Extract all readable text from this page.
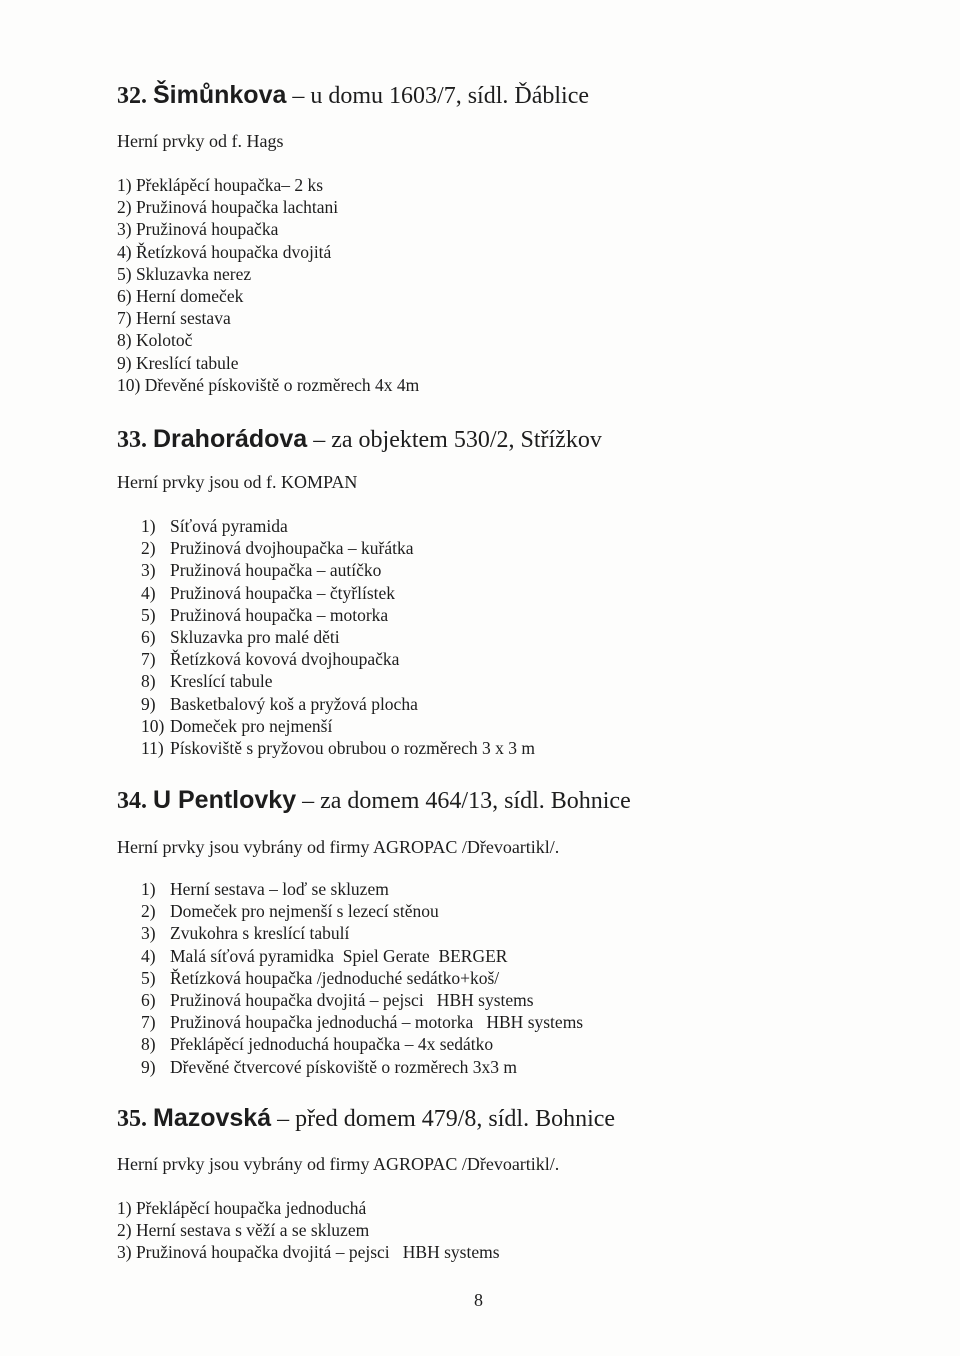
32. Šimůnkova – u domu 1603/7, sídl. Ďáblice
Herní prvky od f. Hags
1) Překlápěcí houpačka– 2 ks
2) Pružinová houpačka lachtani
3) Pružinová houpačka
4) Řetízková houpačka dvojitá
5) Skluzavka nerez
6) Herní domeček
7) Herní sestava
8) Kolotoč
9) Kreslící tabule
10) Dřevěné pískoviště o rozměrech 4x 4m
33. Drahorádova – za objektem 530/2, Střížkov
Herní prvky jsou od f. KOMPAN
1) Síťová pyramida
2) Pružinová dvojhoupačka – kuřátka
3) Pružinová houpačka – autíčko
4) Pružinová houpačka – čtyřlístek
5) Pružinová houpačka – motorka
6) Skluzavka pro malé děti
7) Řetízková kovová dvojhoupačka
8) Kreslící tabule
9) Basketbalový koš a pryžová plocha
10) Domeček pro nejmenší
11) Pískoviště s pryžovou obrubou o rozměrech 3 x 3 m
34. U Pentlovky – za domem 464/13, sídl. Bohnice
Herní prvky jsou vybrány od firmy AGROPAC /Dřevoartikl/.
1) Herní sestava – loď se skluzem
2) Domeček pro nejmenší s lezecí stěnou
3) Zvukohra s kreslící tabulí
4) Malá síťová pyramidka  Spiel Gerate  BERGER
5) Řetízková houpačka /jednoduché sedátko+koš/
6) Pružinová houpačka dvojitá – pejsci   HBH systems
7) Pružinová houpačka jednoduchá – motorka   HBH systems
8) Překlápěcí jednoduchá houpačka – 4x sedátko
9) Dřevěné čtvercové pískoviště o rozměrech 3x3 m
35. Mazovská – před domem 479/8, sídl. Bohnice
Herní prvky jsou vybrány od firmy AGROPAC /Dřevoartikl/.
1) Překlápěcí houpačka jednoduchá
2) Herní sestava s věží a se skluzem
3) Pružinová houpačka dvojitá – pejsci   HBH systems
8
